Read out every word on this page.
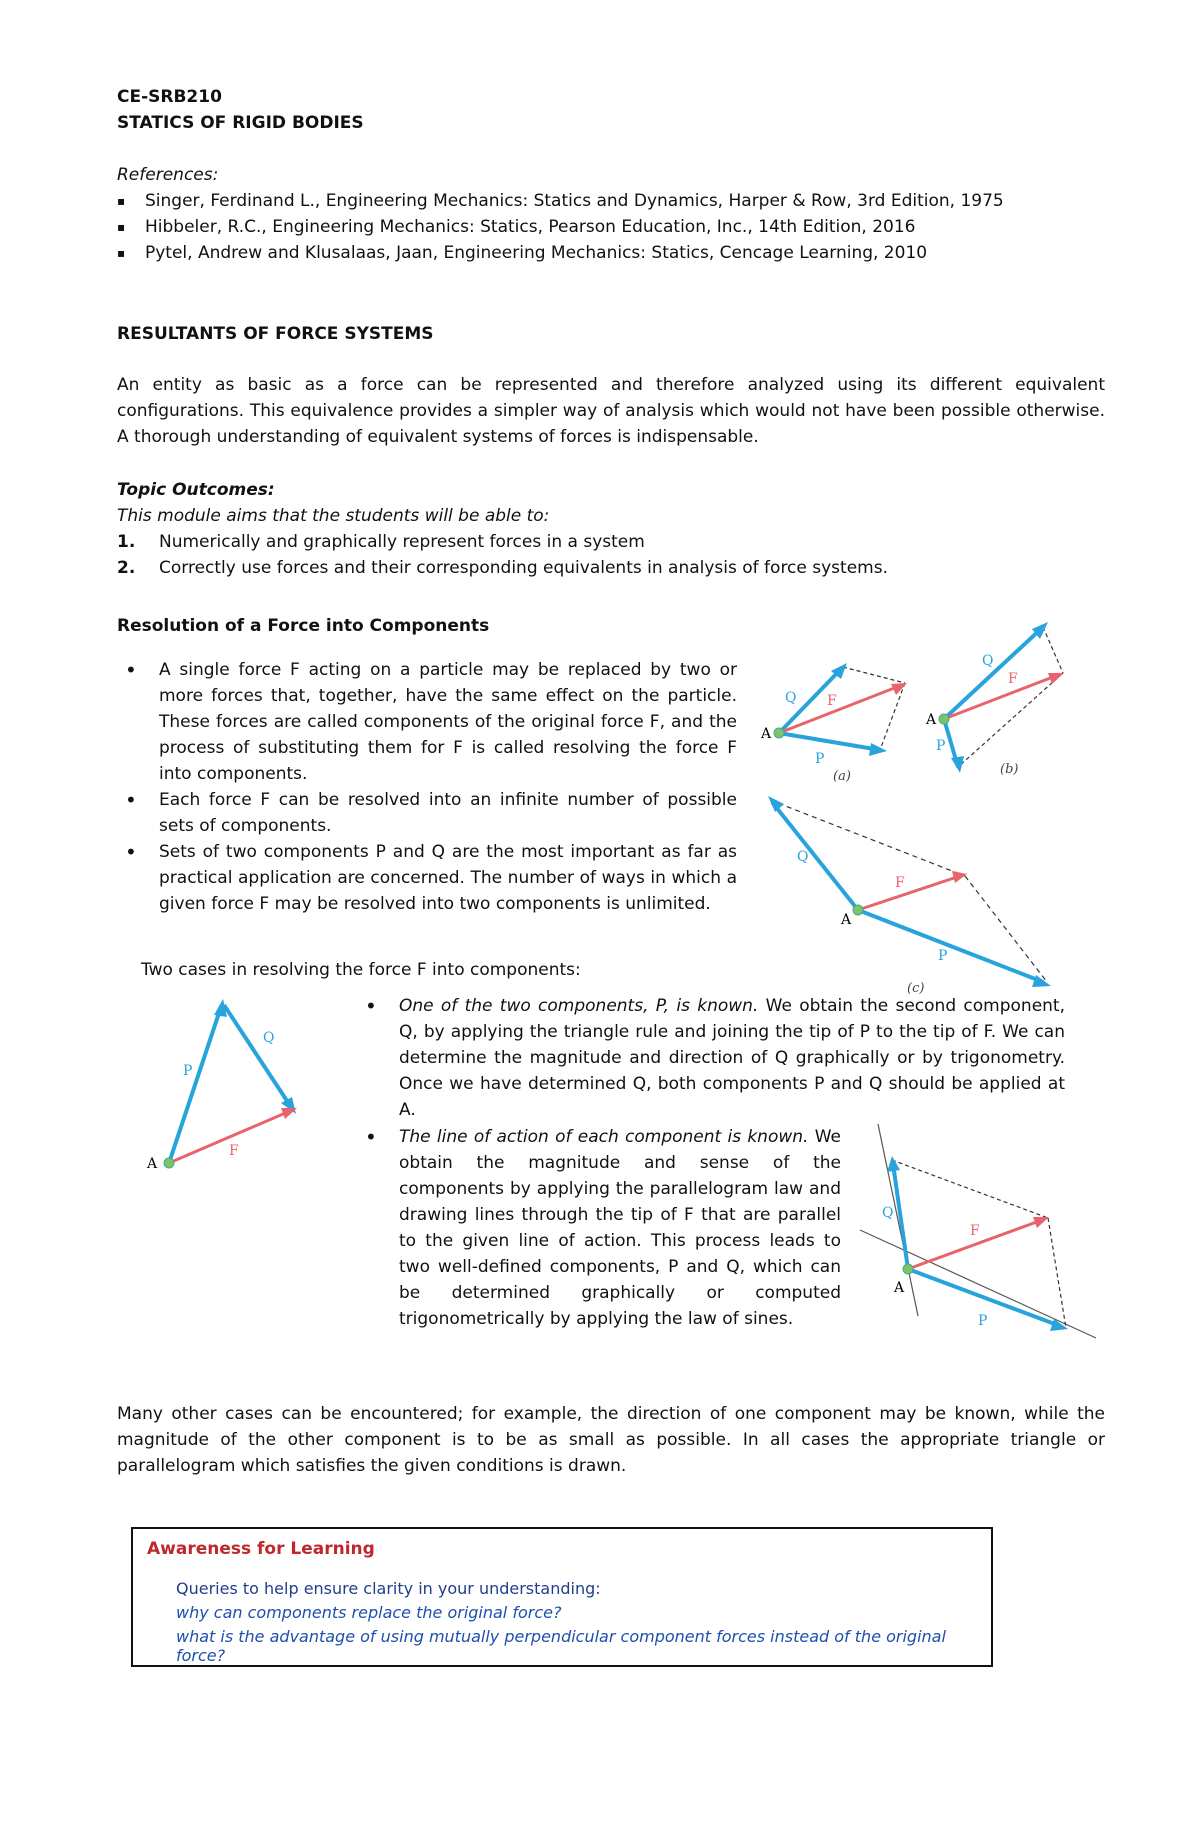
CE-SRB210
STATICS OF RIGID BODIES
References:
▪ Singer, Ferdinand L., Engineering Mechanics: Statics and Dynamics, Harper & Row, 3rd Edition, 1975
▪ Hibbeler, R.C., Engineering Mechanics: Statics, Pearson Education, Inc., 14th Edition, 2016
▪ Pytel, Andrew and Klusalaas, Jaan, Engineering Mechanics: Statics, Cencage Learning, 2010
RESULTANTS OF FORCE SYSTEMS
An entity as basic as a force can be represented and therefore analyzed using its different equivalent configurations. This equivalence provides a simpler way of analysis which would not have been possible otherwise. A thorough understanding of equivalent systems of forces is indispensable.
Topic Outcomes:
This module aims that the students will be able to:
1. Numerically and graphically represent forces in a system
2. Correctly use forces and their corresponding equivalents in analysis of force systems.
Resolution of a Force into Components
• A single force F acting on a particle may be replaced by two or more forces that, together, have the same effect on the particle. These forces are called components of the original force F, and the process of substituting them for F is called resolving the force F into components.
• Each force F can be resolved into an infinite number of possible sets of components.
• Sets of two components P and Q are the most important as far as practical application are concerned. The number of ways in which a given force F may be resolved into two components is unlimited.
A
Q F
P
(a)
A
Q
F
P
(b)
A
Q
F
P
(c)
Two cases in resolving the force F into components:
A
P
Q
F
• One of the two components, P, is known. We obtain the second component, Q, by applying the triangle rule and joining the tip of P to the tip of F. We can determine the magnitude and direction of Q graphically or by trigonometry. Once we have determined Q, both components P and Q should be applied at A.
• The line of action of each component is known. We obtain the magnitude and sense of the components by applying the parallelogram law and drawing lines through the tip of F that are parallel to the given line of action. This process leads to two well-defined components, P and Q, which can be determined graphically or computed trigonometrically by applying the law of sines.
A
Q
F
P
Many other cases can be encountered; for example, the direction of one component may be known, while the magnitude of the other component is to be as small as possible. In all cases the appropriate triangle or parallelogram which satisfies the given conditions is drawn.
Awareness for Learning
Queries to help ensure clarity in your understanding:
why can components replace the original force?
what is the advantage of using mutually perpendicular component forces instead of the original force?
